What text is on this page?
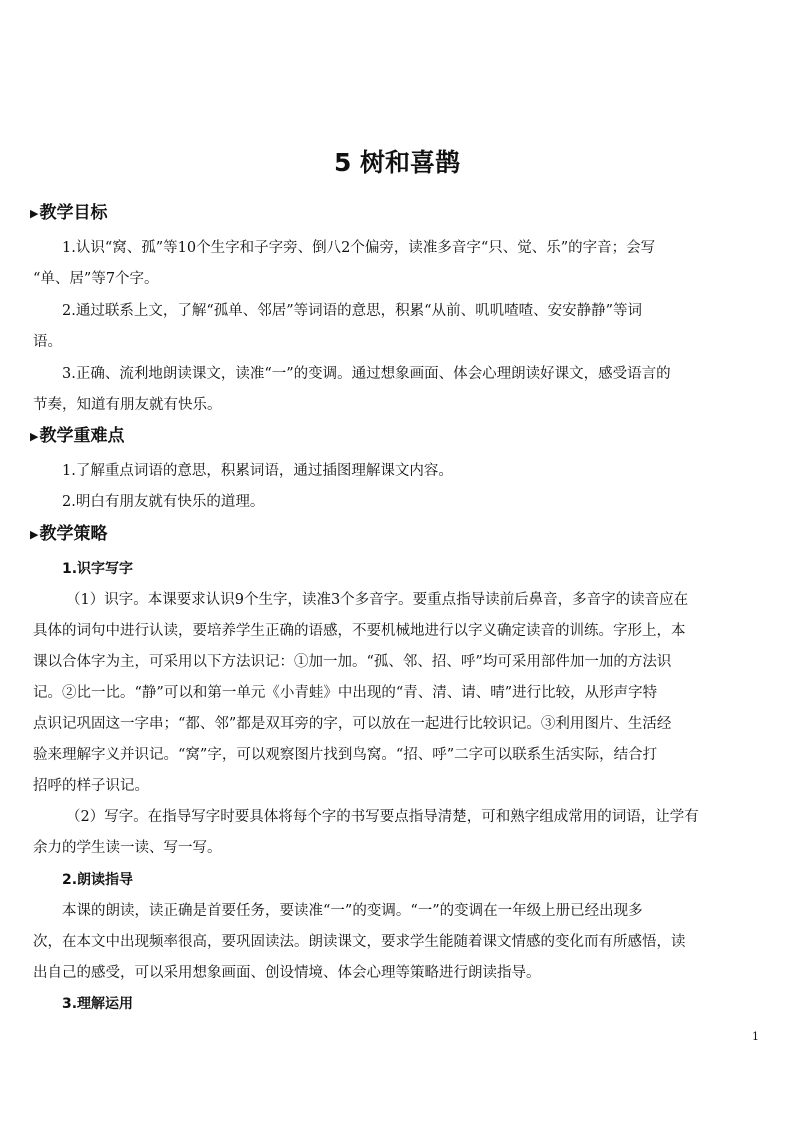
5 树和喜鹊
▶教学目标
1.认识“窝、孤”等10个生字和子字旁、倒八2个偏旁，读准多音字“只、觉、乐”的字音；会写
“单、居”等7个字。
2.通过联系上文，了解“孤单、邻居”等词语的意思，积累“从前、叽叽喳喳、安安静静”等词
语。
3.正确、流利地朗读课文，读准“一”的变调。通过想象画面、体会心理朗读好课文，感受语言的
节奏，知道有朋友就有快乐。
▶教学重难点
1.了解重点词语的意思，积累词语，通过插图理解课文内容。
2.明白有朋友就有快乐的道理。
▶教学策略
1.识字写字
（1）识字。本课要求认识9个生字，读准3个多音字。要重点指导读前后鼻音，多音字的读音应在
具体的词句中进行认读，要培养学生正确的语感，不要机械地进行以字义确定读音的训练。字形上，本
课以合体字为主，可采用以下方法识记：①加一加。“孤、邻、招、呼”均可采用部件加一加的方法识
记。②比一比。“静”可以和第一单元《小青蛙》中出现的“青、清、请、晴”进行比较，从形声字特
点识记巩固这一字串；“都、邻”都是双耳旁的字，可以放在一起进行比较识记。③利用图片、生活经
验来理解字义并识记。“窝”字，可以观察图片找到鸟窝。“招、呼”二字可以联系生活实际，结合打
招呼的样子识记。
（2）写字。在指导写字时要具体将每个字的书写要点指导清楚，可和熟字组成常用的词语，让学有
余力的学生读一读、写一写。
2.朗读指导
本课的朗读，读正确是首要任务，要读准“一”的变调。“一”的变调在一年级上册已经出现多
次，在本文中出现频率很高，要巩固读法。朗读课文，要求学生能随着课文情感的变化而有所感悟，读
出自己的感受，可以采用想象画面、创设情境、体会心理等策略进行朗读指导。
3.理解运用
1
